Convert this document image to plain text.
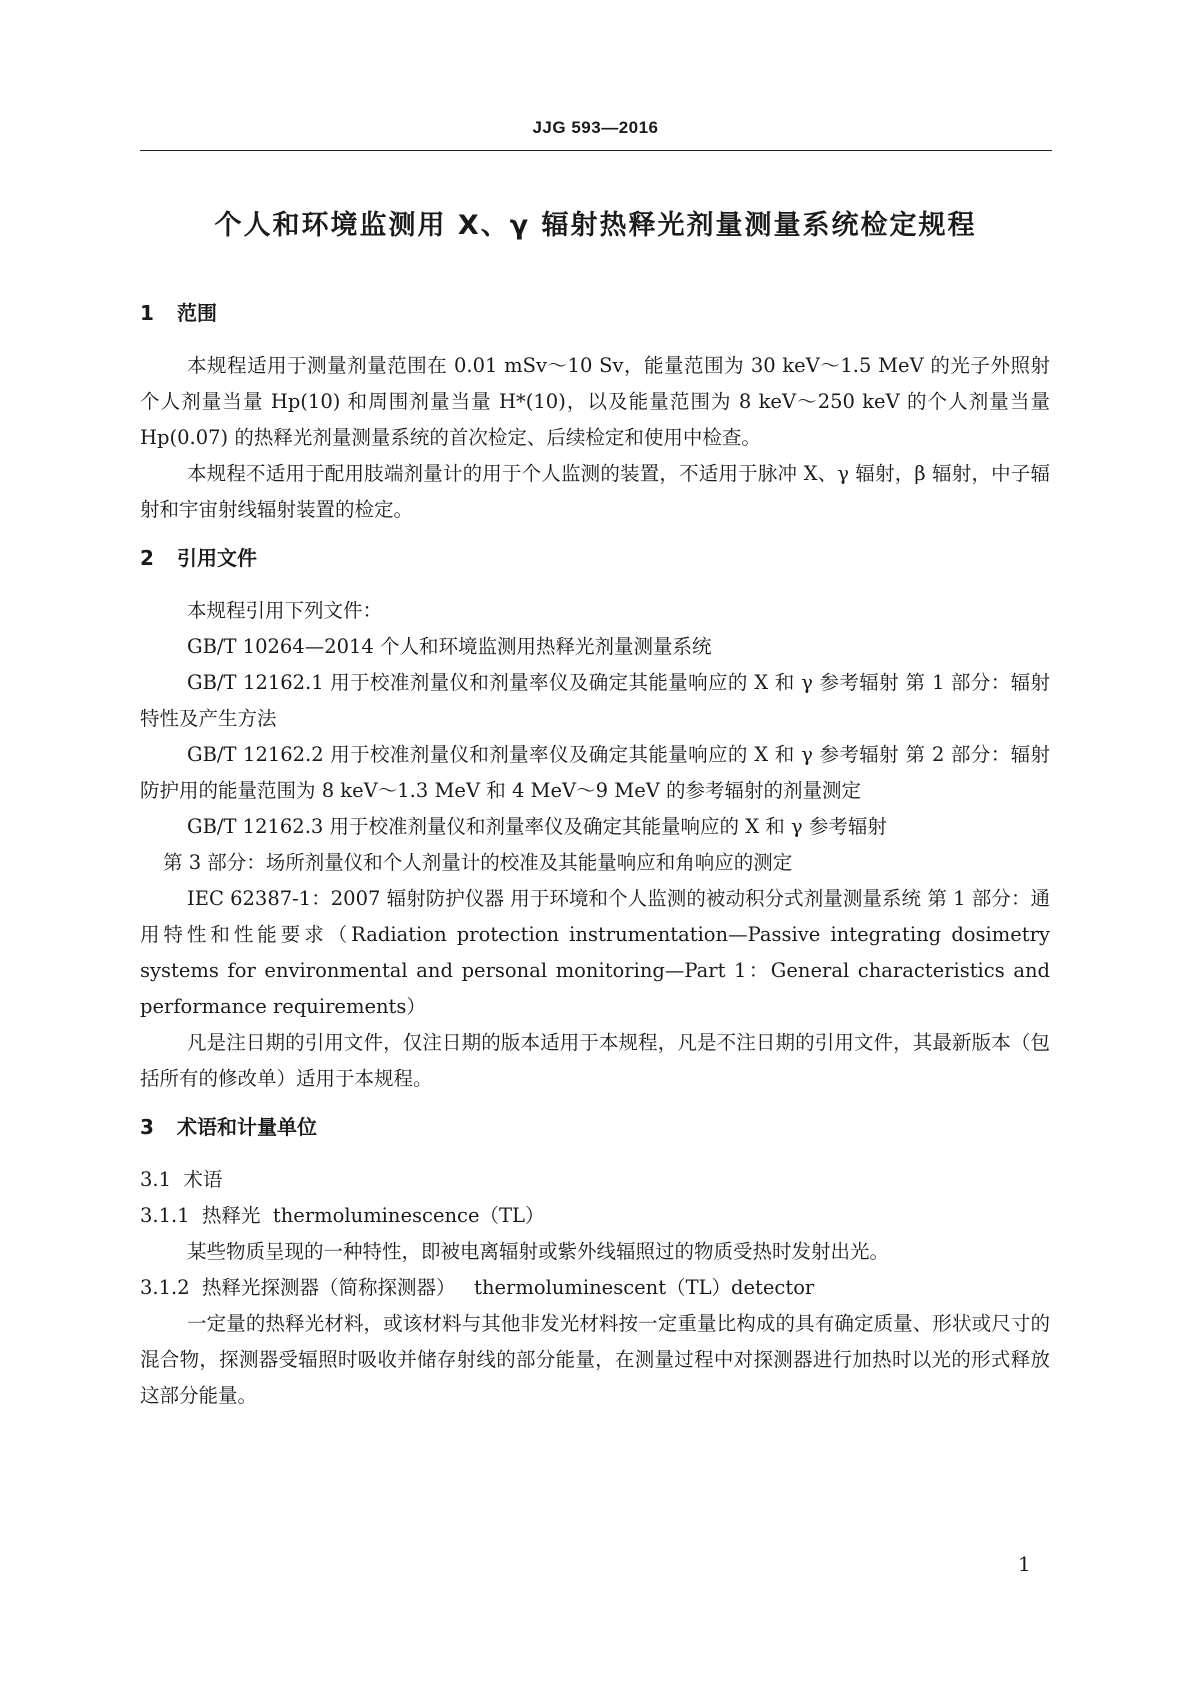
JJG 593—2016
个人和环境监测用 X、γ 辐射热释光剂量测量系统检定规程
1 范围

本规程适用于测量剂量范围在 0.01 mSv～10 Sv，能量范围为 30 keV～1.5 MeV 的光子外照射个人剂量当量 Hp(10) 和周围剂量当量 H*(10)，以及能量范围为 8 keV～250 keV 的个人剂量当量 Hp(0.07) 的热释光剂量测量系统的首次检定、后续检定和使用中检查。

本规程不适用于配用肢端剂量计的用于个人监测的装置，不适用于脉冲 X、γ 辐射，β 辐射，中子辐射和宇宙射线辐射装置的检定。

2 引用文件

本规程引用下列文件：

GB/T 10264—2014 个人和环境监测用热释光剂量测量系统

GB/T 12162.1 用于校准剂量仪和剂量率仪及确定其能量响应的 X 和 γ 参考辐射 第 1 部分：辐射特性及产生方法

GB/T 12162.2 用于校准剂量仪和剂量率仪及确定其能量响应的 X 和 γ 参考辐射 第 2 部分：辐射防护用的能量范围为 8 keV～1.3 MeV 和 4 MeV～9 MeV 的参考辐射的剂量测定

GB/T 12162.3 用于校准剂量仪和剂量率仪及确定其能量响应的 X 和 γ 参考辐射

第 3 部分：场所剂量仪和个人剂量计的校准及其能量响应和角响应的测定

IEC 62387-1：2007 辐射防护仪器 用于环境和个人监测的被动积分式剂量测量系统 第 1 部分：通用特性和性能要求（Radiation protection instrumentation—Passive integrating dosimetry systems for environmental and personal monitoring—Part 1：General characteristics and performance requirements）

凡是注日期的引用文件，仅注日期的版本适用于本规程，凡是不注日期的引用文件，其最新版本（包括所有的修改单）适用于本规程。

3 术语和计量单位

3.1  术语

3.1.1  热释光  thermoluminescence（TL）

某些物质呈现的一种特性，即被电离辐射或紫外线辐照过的物质受热时发射出光。

3.1.2  热释光探测器（简称探测器）   thermoluminescent（TL）detector

一定量的热释光材料，或该材料与其他非发光材料按一定重量比构成的具有确定质量、形状或尺寸的混合物，探测器受辐照时吸收并储存射线的部分能量，在测量过程中对探测器进行加热时以光的形式释放这部分能量。

1
